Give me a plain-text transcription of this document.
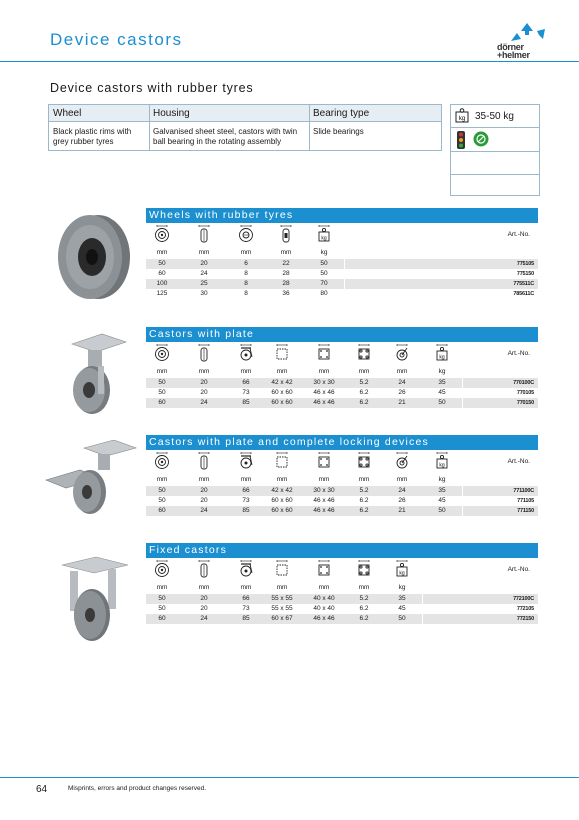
Device castors	dörner
+helmer
Device castors with rubber tyres
Wheel	Housing	Bearing type
Black plastic rims with grey rubber tyres
Galvanised sheet steel, castors with twin ball bearing in the rotating assembly
Slide bearings
kg 35-50 kg
Wheels with rubber tyres
kg
Art.-No.
mm	mm	mm	mm	kg
50	20	6	22	50	775105
60	24	8	28	50	775150
100	25	8	28	70	775511C
125	30	8	36	80	785611C
Castors with plate
kg
Art.-No.
mm	mm	mm	mm	mm	mm	mm	kg
50	20	66	42 x 42	30 x 30	5.2	24	35	770100C
50	20	73	60 x 60	46 x 46	6.2	26	45	770105
60	24	85	60 x 60	46 x 46	6.2	21	50	770150
Castors with plate and complete locking devices
kg
Art.-No.
mm	mm	mm	mm	mm	mm	mm	kg
50	20	66	42 x 42	30 x 30	5.2	24	35	771100C
50	20	73	60 x 60	46 x 46	6.2	26	45	771105
60	24	85	60 x 60	46 x 46	6.2	21	50	771150
Fixed castors
kg
Art.-No.
mm	mm	mm	mm	mm	mm	kg
50	20	66	55 x 55	40 x 40	5.2	35	772100C
50	20	73	55 x 55	40 x 40	6.2	45	772105
60	24	85	60 x 67	46 x 46	6.2	50	772150
64	Misprints, errors and product changes reserved.
